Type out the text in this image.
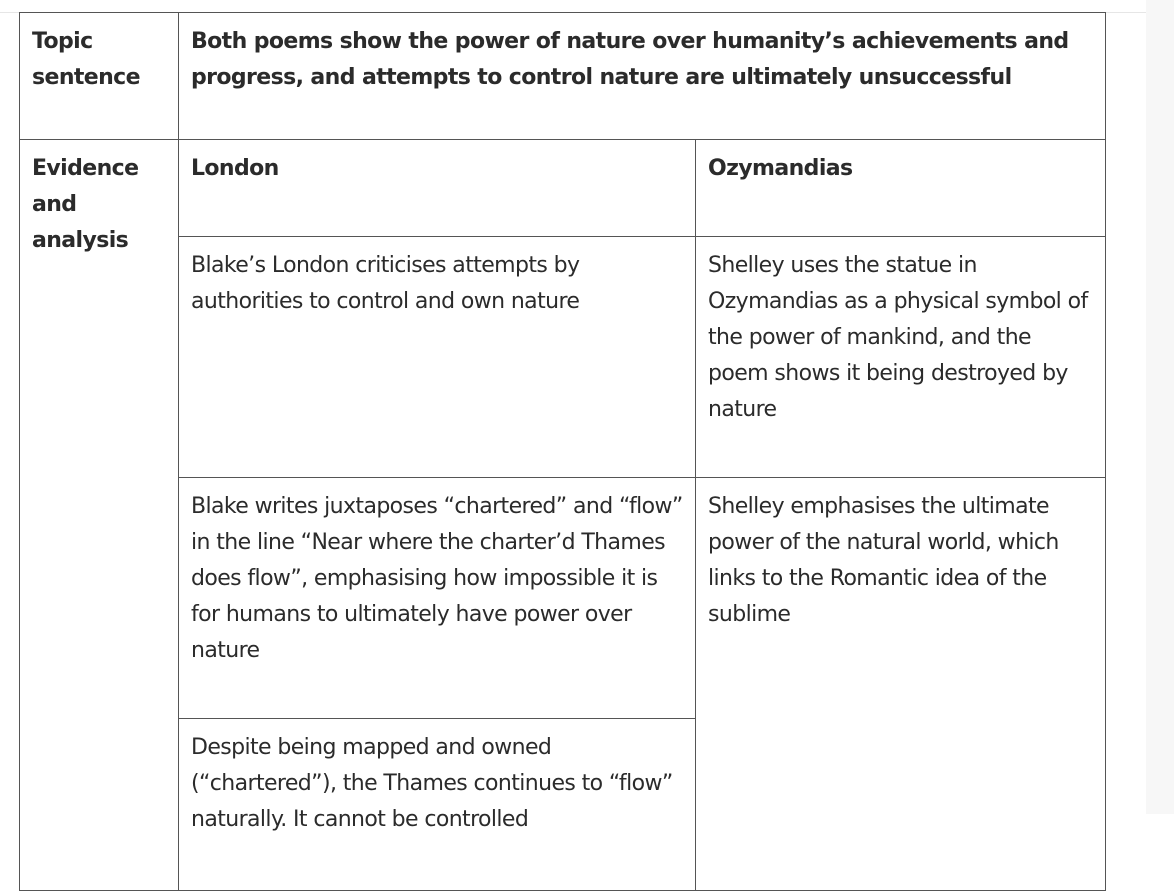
Topic sentence	Both poems show the power of nature over humanity’s achievements and progress, and attempts to control nature are ultimately unsuccessful	
Evidence and analysis	London	Ozymandias
	Blake’s London criticises attempts by authorities to control and own nature	Shelley uses the statue in Ozymandias as a physical symbol of the power of mankind, and the poem shows it being destroyed by nature
	Blake writes juxtaposes “chartered” and “flow” in the line “Near where the charter’d Thames does flow”, emphasising how impossible it is for humans to ultimately have power over nature	Shelley emphasises the ultimate power of the natural world, which links to the Romantic idea of the sublime
	Despite being mapped and owned (“chartered”), the Thames continues to “flow” naturally. It cannot be controlled	
